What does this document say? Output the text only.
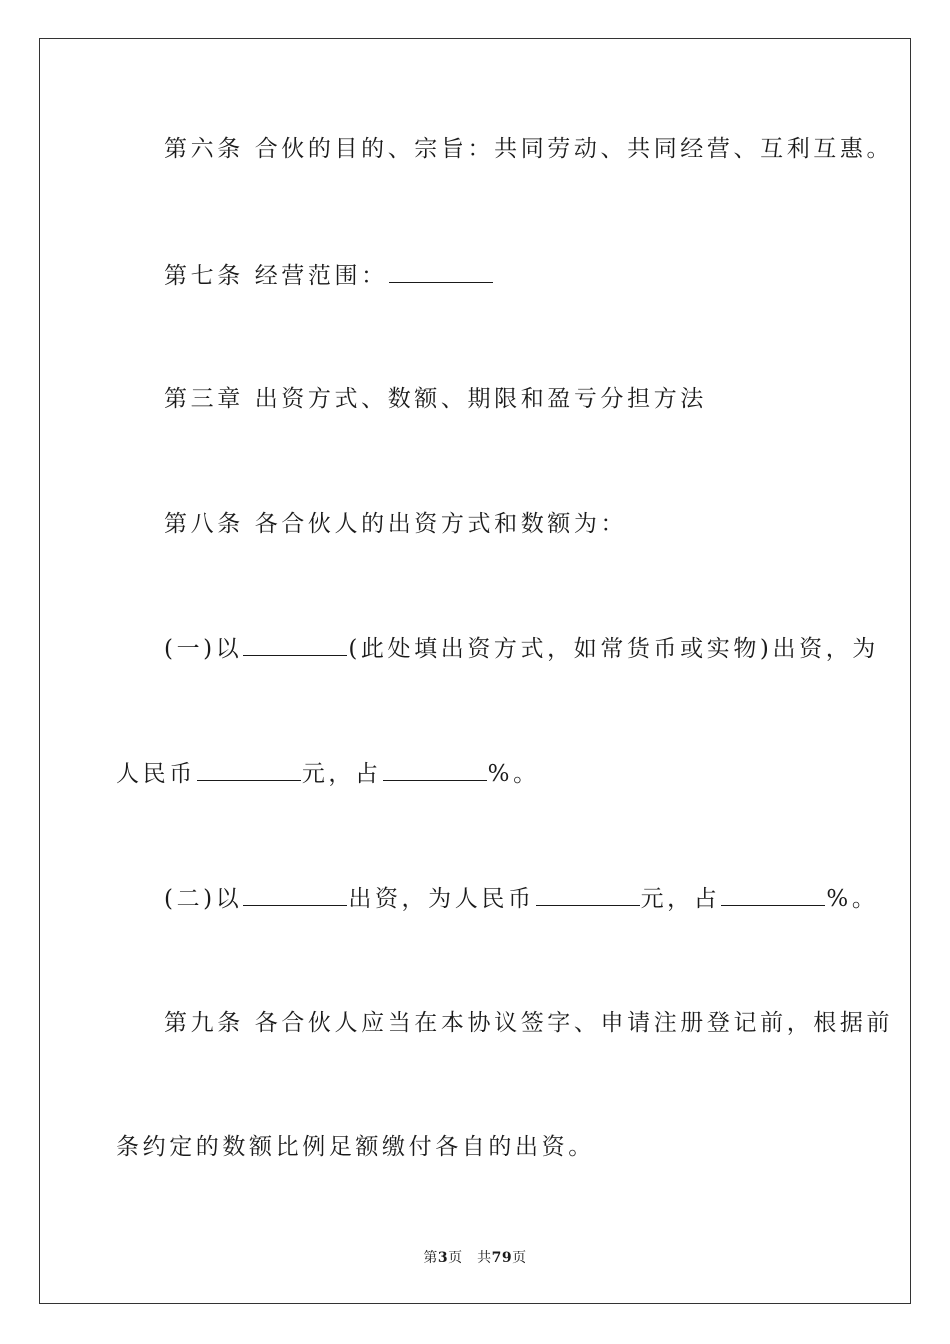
第六条 合伙的目的、宗旨：共同劳动、共同经营、互利互惠。
第七条 经营范围：
第三章 出资方式、数额、期限和盈亏分担方法
第八条 各合伙人的出资方式和数额为：
(一)以	(此处填出资方式，如常货币或实物)出资，为
人民币	元，占	%。
(二)以	出资，为人民币	元，占	%。
第九条 各合伙人应当在本协议签字、申请注册登记前，根据前
条约定的数额比例足额缴付各自的出资。
第3页　共79页
